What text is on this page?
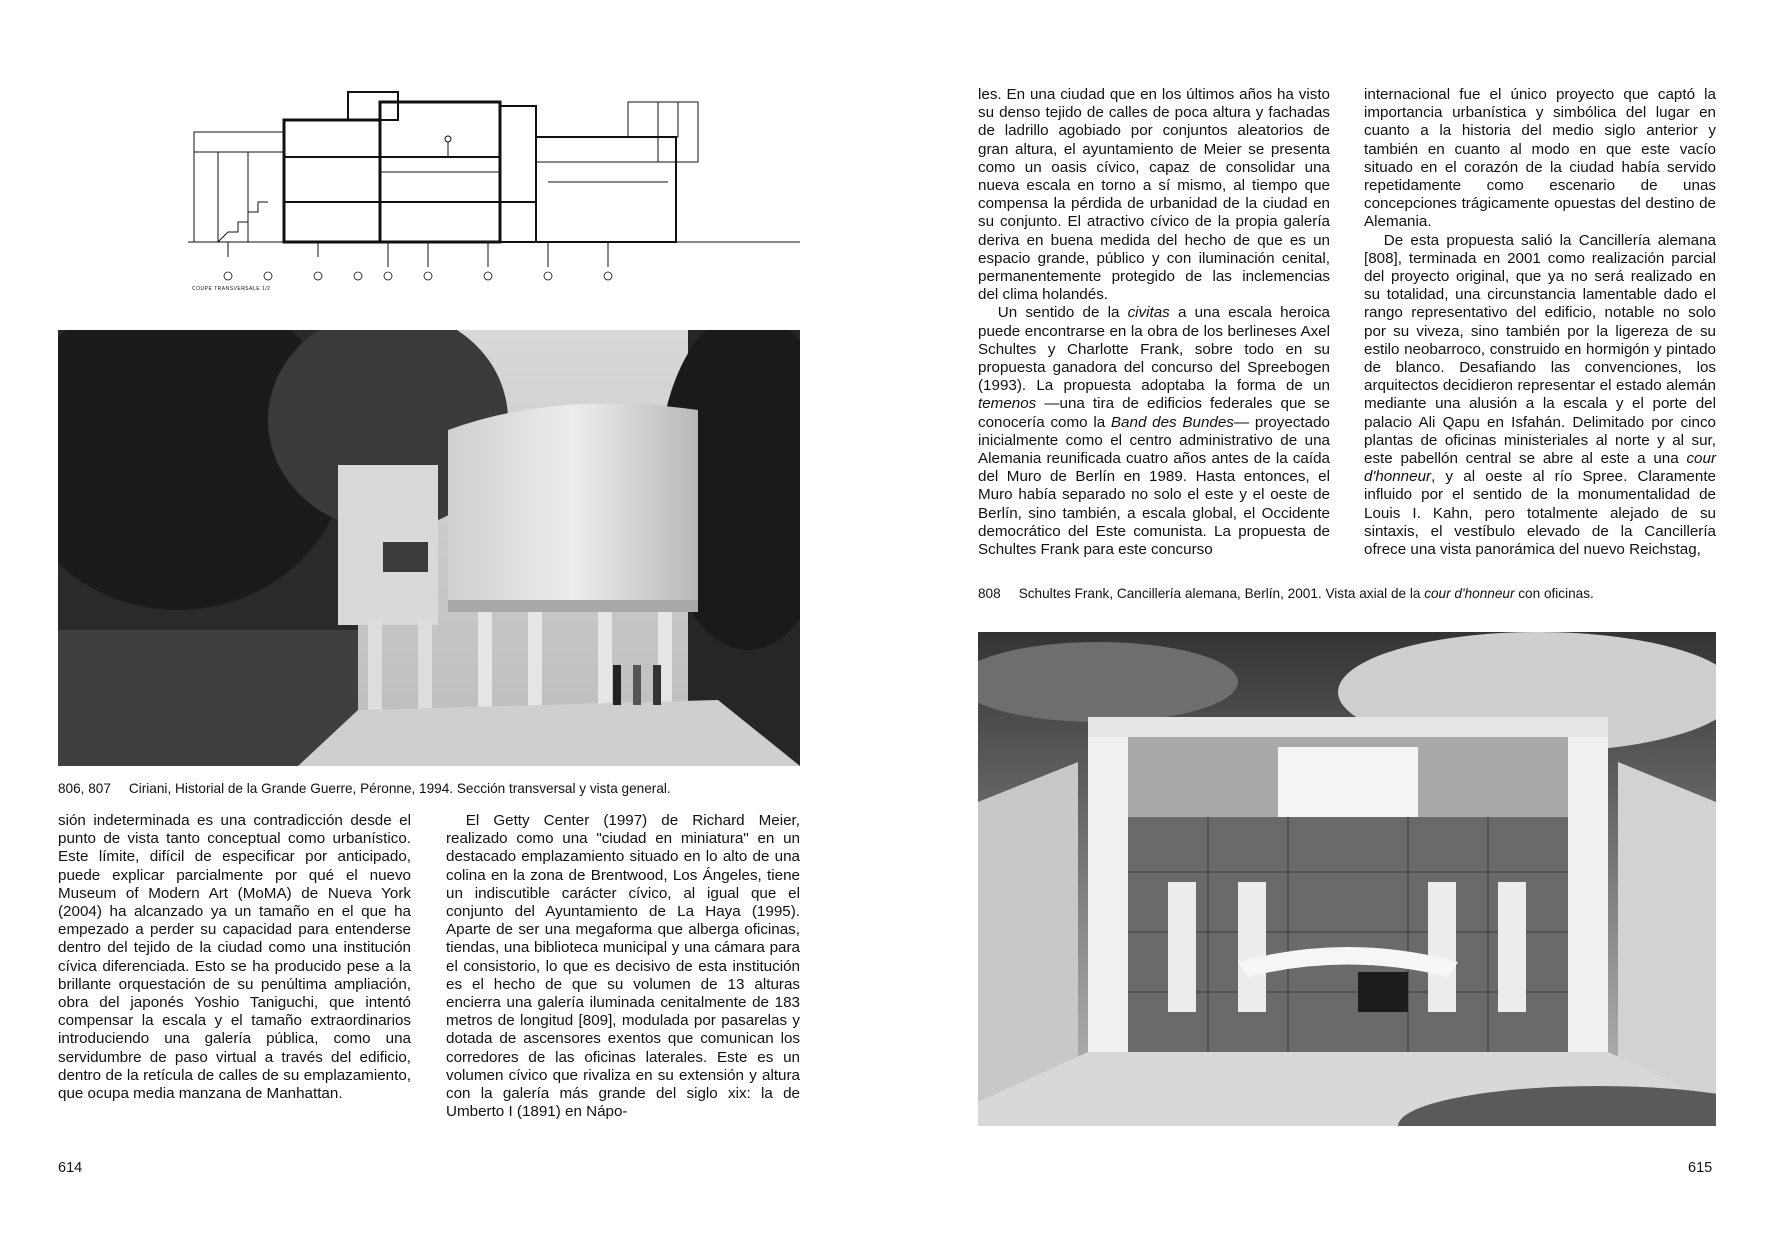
COUPE TRANSVERSALE 1/2
806, 807 Ciriani, Historial de la Grande Guerre, Péronne, 1994. Sección transversal y vista general.

sión indeterminada es una contradicción desde el punto de vista tanto conceptual como urbanístico. Este límite, difícil de especificar por anticipado, puede explicar parcialmente por qué el nuevo Museum of Modern Art (MoMA) de Nueva York (2004) ha alcanzado ya un tamaño en el que ha empezado a perder su capacidad para entenderse dentro del tejido de la ciudad como una institución cívica diferenciada. Esto se ha producido pese a la brillante orquestación de su penúltima ampliación, obra del japonés Yoshio Taniguchi, que intentó compensar la escala y el tamaño extraordinarios introduciendo una galería pública, como una servidumbre de paso virtual a través del edificio, dentro de la retícula de calles de su emplazamiento, que ocupa media manzana de Manhattan.

El Getty Center (1997) de Richard Meier, realizado como una "ciudad en miniatura" en un destacado emplazamiento situado en lo alto de una colina en la zona de Brentwood, Los Ángeles, tiene un indiscutible carácter cívico, al igual que el conjunto del Ayuntamiento de La Haya (1995). Aparte de ser una megaforma que alberga oficinas, tiendas, una biblioteca municipal y una cámara para el consistorio, lo que es decisivo de esta institución es el hecho de que su volumen de 13 alturas encierra una galería iluminada cenitalmente de 183 metros de longitud [809], modulada por pasarelas y dotada de ascensores exentos que comunican los corredores de las oficinas laterales. Este es un volumen cívico que rivaliza en su extensión y altura con la galería más grande del siglo xix: la de Umberto I (1891) en Nápo-

614

les. En una ciudad que en los últimos años ha visto su denso tejido de calles de poca altura y fachadas de ladrillo agobiado por conjuntos aleatorios de gran altura, el ayuntamiento de Meier se presenta como un oasis cívico, capaz de consolidar una nueva escala en torno a sí mismo, al tiempo que compensa la pérdida de urbanidad de la ciudad en su conjunto. El atractivo cívico de la propia galería deriva en buena medida del hecho de que es un espacio grande, público y con iluminación cenital, permanentemente protegido de las inclemencias del clima holandés.

Un sentido de la civitas a una escala heroica puede encontrarse en la obra de los berlineses Axel Schultes y Charlotte Frank, sobre todo en su propuesta ganadora del concurso del Spreebogen (1993). La propuesta adoptaba la forma de un temenos —una tira de edificios federales que se conocería como la Band des Bundes— proyectado inicialmente como el centro administrativo de una Alemania reunificada cuatro años antes de la caída del Muro de Berlín en 1989. Hasta entonces, el Muro había separado no solo el este y el oeste de Berlín, sino también, a escala global, el Occidente democrático del Este comunista. La propuesta de Schultes Frank para este concurso

internacional fue el único proyecto que captó la importancia urbanística y simbólica del lugar en cuanto a la historia del medio siglo anterior y también en cuanto al modo en que este vacío situado en el corazón de la ciudad había servido repetidamente como escenario de unas concepciones trágicamente opuestas del destino de Alemania.

De esta propuesta salió la Cancillería alemana [808], terminada en 2001 como realización parcial del proyecto original, que ya no será realizado en su totalidad, una circunstancia lamentable dado el rango representativo del edificio, notable no solo por su viveza, sino también por la ligereza de su estilo neobarroco, construido en hormigón y pintado de blanco. Desafiando las convenciones, los arquitectos decidieron representar el estado alemán mediante una alusión a la escala y el porte del palacio Ali Qapu en Isfahán. Delimitado por cinco plantas de oficinas ministeriales al norte y al sur, este pabellón central se abre al este a una cour d'honneur, y al oeste al río Spree. Claramente influido por el sentido de la monumentalidad de Louis I. Kahn, pero totalmente alejado de su sintaxis, el vestíbulo elevado de la Cancillería ofrece una vista panorámica del nuevo Reichstag,

808 Schultes Frank, Cancillería alemana, Berlín, 2001. Vista axial de la cour d'honneur con oficinas.
615
